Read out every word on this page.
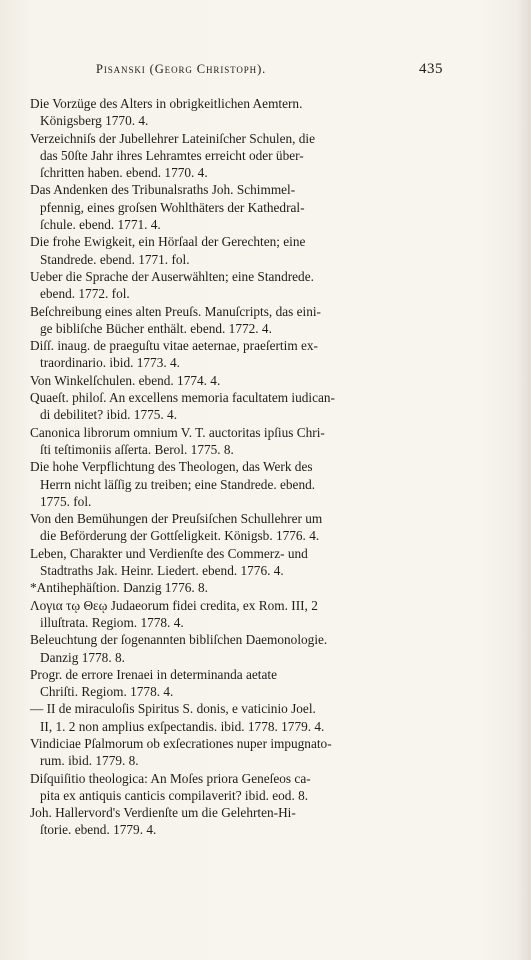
Pisanski (Georg Christoph).	435
Die Vorzüge des Alters in obrigkeitlichen Aemtern.
Königsberg 1770. 4.
Verzeichniſs der Jubellehrer Lateiniſcher Schulen, die
das 50ſte Jahr ihres Lehramtes erreicht oder über-
ſchritten haben. ebend. 1770. 4.
Das Andenken des Tribunalsraths Joh. Schimmel-
pfennig, eines groſsen Wohlthäters der Kathedral-
ſchule. ebend. 1771. 4.
Die frohe Ewigkeit, ein Hörſaal der Gerechten; eine
Standrede. ebend. 1771. fol.
Ueber die Sprache der Auserwählten; eine Standrede.
ebend. 1772. fol.
Beſchreibung eines alten Preuſs. Manuſcripts, das eini-
ge bibliſche Bücher enthält. ebend. 1772. 4.
Diſſ. inaug. de praeguſtu vitae aeternae, praeſertim ex-
traordinario. ibid. 1773. 4.
Von Winkelſchulen. ebend. 1774. 4.
Quaeſt. philoſ. An excellens memoria facultatem iudican-
di debilitet? ibid. 1775. 4.
Canonica librorum omnium V. T. auctoritas ipſius Chri-
ſti teſtimoniis aſſerta. Berol. 1775. 8.
Die hohe Verpflichtung des Theologen, das Werk des
Herrn nicht läſſig zu treiben; eine Standrede. ebend.
1775. fol.
Von den Bemühungen der Preuſsiſchen Schullehrer um
die Beförderung der Gottſeligkeit. Königsb. 1776. 4.
Leben, Charakter und Verdienſte des Commerz- und
Stadtraths Jak. Heinr. Liedert. ebend. 1776. 4.
*Antihephäſtion. Danzig 1776. 8.
Λογια τῳ Θεῳ Judaeorum fidei credita, ex Rom. III, 2
illuſtrata. Regiom. 1778. 4.
Beleuchtung der ſogenannten bibliſchen Daemonologie.
Danzig 1778. 8.
Progr. de errore Irenaei in determinanda aetate
Chriſti. Regiom. 1778. 4.
— II de miraculoſis Spiritus S. donis, e vaticinio Joel.
II, 1. 2 non amplius exſpectandis. ibid. 1778. 1779. 4.
Vindiciae Pſalmorum ob exſecrationes nuper impugnato-
rum. ibid. 1779. 8.
Diſquiſitio theologica: An Moſes priora Geneſeos ca-
pita ex antiquis canticis compilaverit? ibid. eod. 8.
Joh. Hallervord's Verdienſte um die Gelehrten-Hi-
ſtorie. ebend. 1779. 4.
